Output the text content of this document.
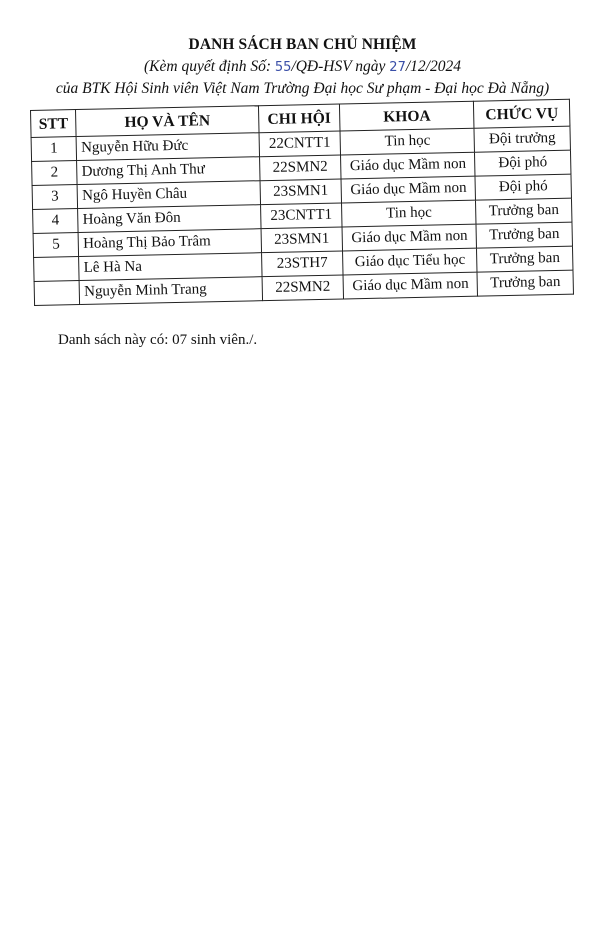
DANH SÁCH BAN CHỦ NHIỆM
(Kèm quyết định Số: 55/QĐ-HSV ngày 27/12/2024
của BTK Hội Sinh viên Việt Nam Trường Đại học Sư phạm - Đại học Đà Nẵng)
STT	HỌ VÀ TÊN	CHI HỘI	KHOA	CHỨC VỤ
1	Nguyễn Hữu Đức	22CNTT1	Tin học	Đội trưởng
2	Dương Thị Anh Thư	22SMN2	Giáo dục Mầm non	Đội phó
3	Ngô Huyền Châu	23SMN1	Giáo dục Mầm non	Đội phó
4	Hoàng Văn Đôn	23CNTT1	Tin học	Trưởng ban
5	Hoàng Thị Bảo Trâm	23SMN1	Giáo dục Mầm non	Trưởng ban
	Lê Hà Na	23STH7	Giáo dục Tiểu học	Trưởng ban
	Nguyễn Minh Trang	22SMN2	Giáo dục Mầm non	Trưởng ban
Danh sách này có: 07 sinh viên./.
